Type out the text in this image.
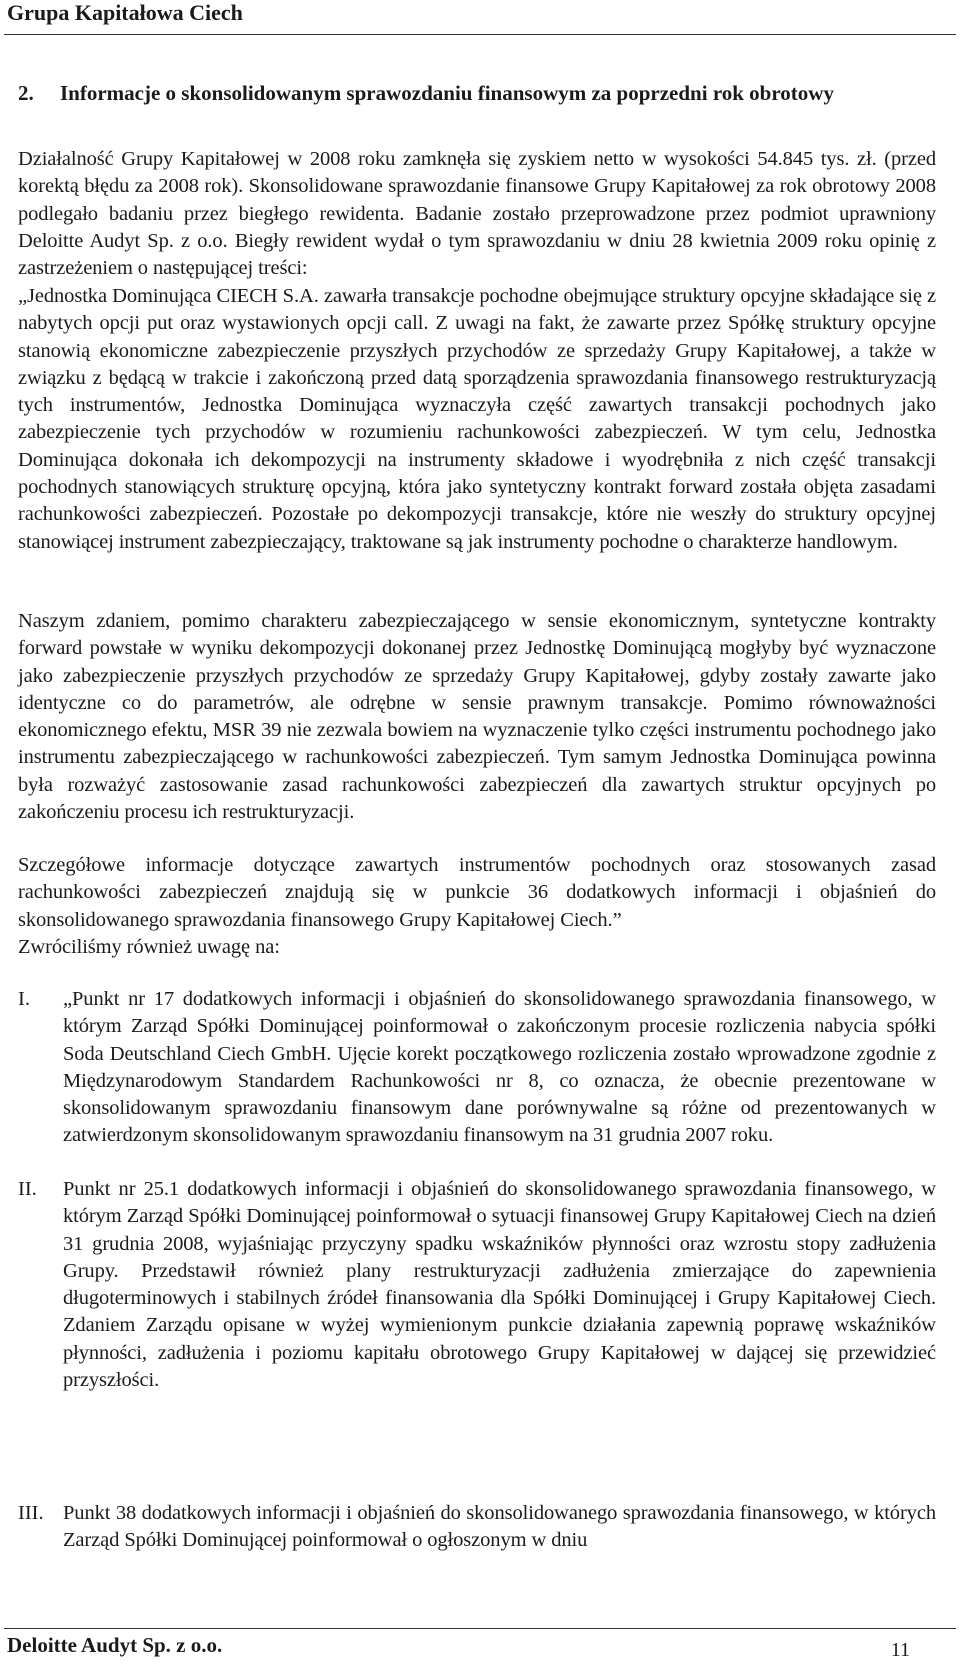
Grupa Kapitałowa Ciech
2. Informacje o skonsolidowanym sprawozdaniu finansowym za poprzedni rok obrotowy
Działalność Grupy Kapitałowej w 2008 roku zamknęła się zyskiem netto w wysokości 54.845 tys. zł. (przed korektą błędu za 2008 rok). Skonsolidowane sprawozdanie finansowe Grupy Kapitałowej za rok obrotowy 2008 podlegało badaniu przez biegłego rewidenta. Badanie zostało przeprowadzone przez podmiot uprawniony Deloitte Audyt Sp. z o.o. Biegły rewident wydał o tym sprawozdaniu w dniu 28 kwietnia 2009 roku opinię z zastrzeżeniem o następującej treści:
„Jednostka Dominująca CIECH S.A. zawarła transakcje pochodne obejmujące struktury opcyjne składające się z nabytych opcji put oraz wystawionych opcji call. Z uwagi na fakt, że zawarte przez Spółkę struktury opcyjne stanowią ekonomiczne zabezpieczenie przyszłych przychodów ze sprzedaży Grupy Kapitałowej, a także w związku z będącą w trakcie i zakończoną przed datą sporządzenia sprawozdania finansowego restrukturyzacją tych instrumentów, Jednostka Dominująca wyznaczyła część zawartych transakcji pochodnych jako zabezpieczenie tych przychodów w rozumieniu rachunkowości zabezpieczeń. W tym celu, Jednostka Dominująca dokonała ich dekompozycji na instrumenty składowe i wyodrębniła z nich część transakcji pochodnych stanowiących strukturę opcyjną, która jako syntetyczny kontrakt forward została objęta zasadami rachunkowości zabezpieczeń. Pozostałe po dekompozycji transakcje, które nie weszły do struktury opcyjnej stanowiącej instrument zabezpieczający, traktowane są jak instrumenty pochodne o charakterze handlowym.
Naszym zdaniem, pomimo charakteru zabezpieczającego w sensie ekonomicznym, syntetyczne kontrakty forward powstałe w wyniku dekompozycji dokonanej przez Jednostkę Dominującą mogłyby być wyznaczone jako zabezpieczenie przyszłych przychodów ze sprzedaży Grupy Kapitałowej, gdyby zostały zawarte jako identyczne co do parametrów, ale odrębne w sensie prawnym transakcje. Pomimo równoważności ekonomicznego efektu, MSR 39 nie zezwala bowiem na wyznaczenie tylko części instrumentu pochodnego jako instrumentu zabezpieczającego w rachunkowości zabezpieczeń. Tym samym Jednostka Dominująca powinna była rozważyć zastosowanie zasad rachunkowości zabezpieczeń dla zawartych struktur opcyjnych po zakończeniu procesu ich restrukturyzacji.
Szczegółowe informacje dotyczące zawartych instrumentów pochodnych oraz stosowanych zasad rachunkowości zabezpieczeń znajdują się w punkcie 36 dodatkowych informacji i objaśnień do skonsolidowanego sprawozdania finansowego Grupy Kapitałowej Ciech.”
Zwróciliśmy również uwagę na:
I.	„Punkt nr 17 dodatkowych informacji i objaśnień do skonsolidowanego sprawozdania finansowego, w którym Zarząd Spółki Dominującej poinformował o zakończonym procesie rozliczenia nabycia spółki Soda Deutschland Ciech GmbH. Ujęcie korekt początkowego rozliczenia zostało wprowadzone zgodnie z Międzynarodowym Standardem Rachunkowości nr 8, co oznacza, że obecnie prezentowane w skonsolidowanym sprawozdaniu finansowym dane porównywalne są różne od prezentowanych w zatwierdzonym skonsolidowanym sprawozdaniu finansowym na 31 grudnia 2007 roku.
II.	Punkt nr 25.1 dodatkowych informacji i objaśnień do skonsolidowanego sprawozdania finansowego, w którym Zarząd Spółki Dominującej poinformował o sytuacji finansowej Grupy Kapitałowej Ciech na dzień 31 grudnia 2008, wyjaśniając przyczyny spadku wskaźników płynności oraz wzrostu stopy zadłużenia Grupy. Przedstawił również plany restrukturyzacji zadłużenia zmierzające do zapewnienia długoterminowych i stabilnych źródeł finansowania dla Spółki Dominującej i Grupy Kapitałowej Ciech. Zdaniem Zarządu opisane w wyżej wymienionym punkcie działania zapewnią poprawę wskaźników płynności, zadłużenia i poziomu kapitału obrotowego Grupy Kapitałowej w dającej się przewidzieć przyszłości.
III. Punkt 38 dodatkowych informacji i objaśnień do skonsolidowanego sprawozdania finansowego, w których Zarząd Spółki Dominującej poinformował o ogłoszonym w dniu
Deloitte Audyt Sp. z o.o.	11
